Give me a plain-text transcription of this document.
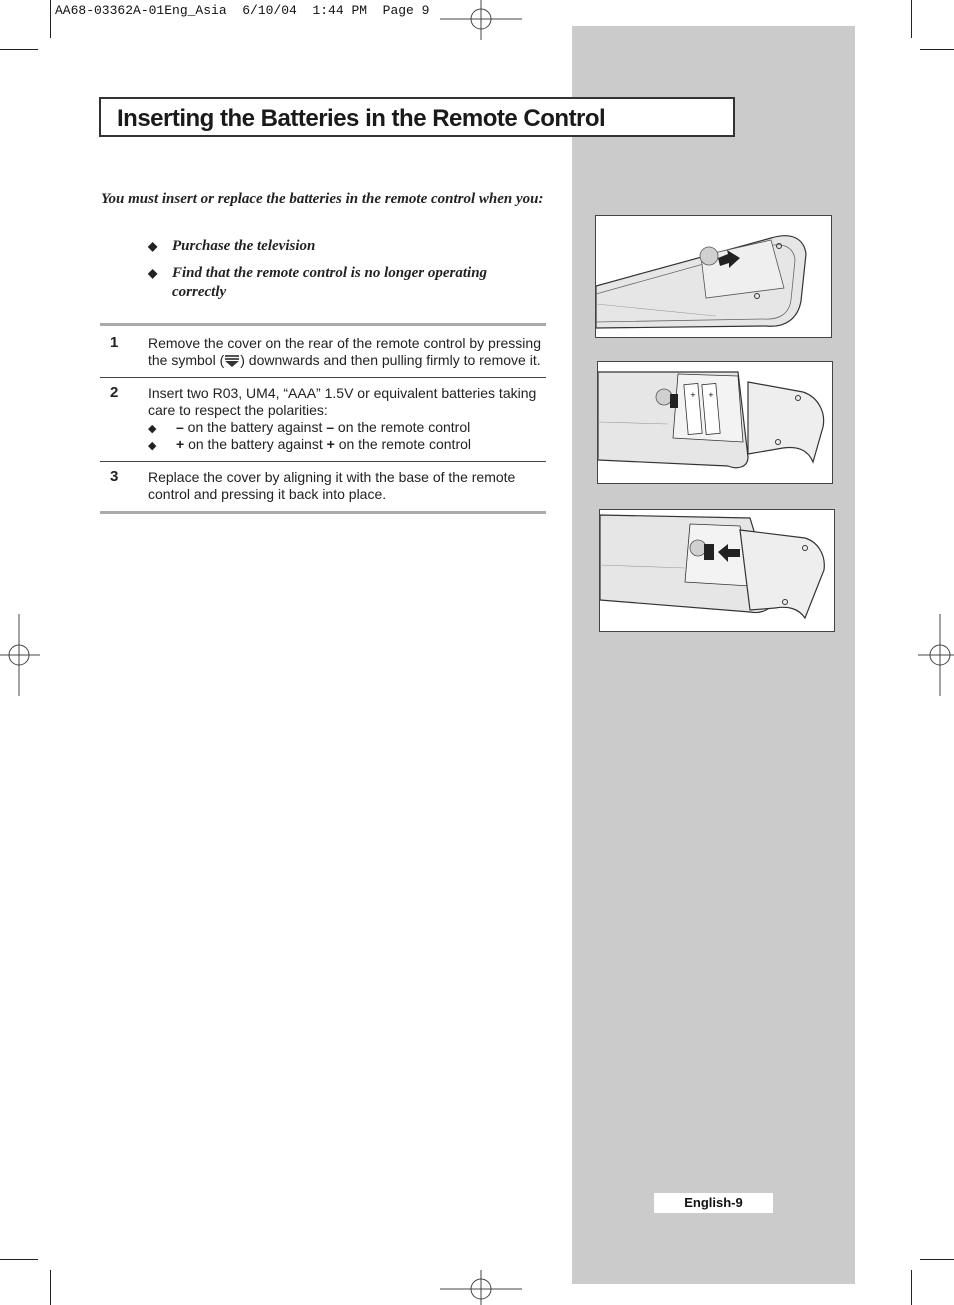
AA68-03362A-01Eng_Asia  6/10/04  1:44 PM  Page 9
Inserting the Batteries in the Remote Control
You must insert or replace the batteries in the remote control when you:
◆ Purchase the television
◆ Find that the remote control is no longer operating correctly
1 Remove the cover on the rear of the remote control by pressing the symbol ( ) downwards and then pulling firmly to remove it.
2 Insert two R03, UM4, “AAA” 1.5V or equivalent batteries taking care to respect the polarities:
◆ – on the battery against – on the remote control
◆ + on the battery against + on the remote control
3 Replace the cover by aligning it with the base of the remote control and pressing it back into place.
+ +
English-9
